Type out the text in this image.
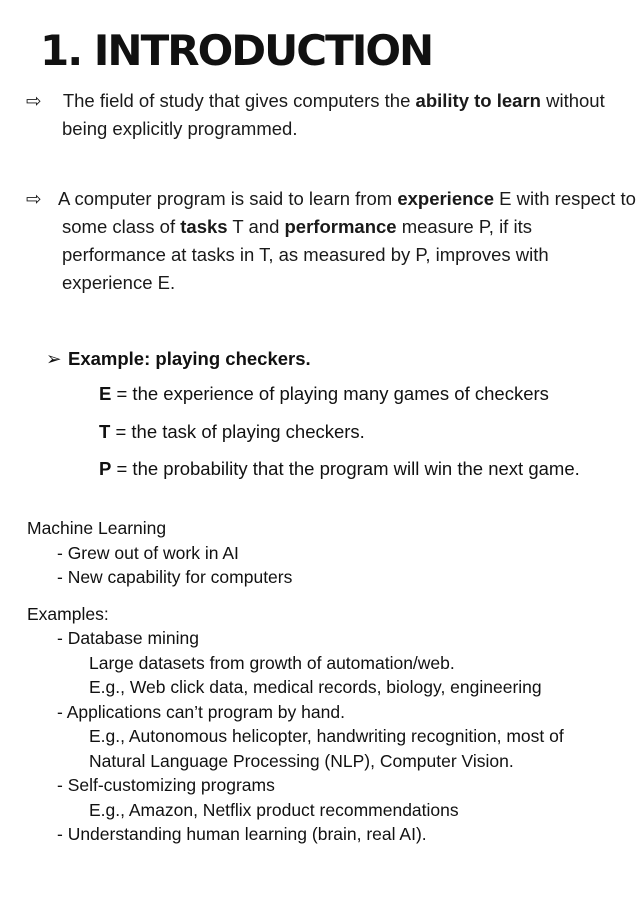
1. INTRODUCTION
⇨ The field of study that gives computers the ability to learn without being explicitly programmed.
⇨ A computer program is said to learn from experience E with respect to some class of tasks T and performance measure P, if its performance at tasks in T, as measured by P, improves with experience E.
➢ Example: playing checkers.
E = the experience of playing many games of checkers
T = the task of playing checkers.
P = the probability that the program will win the next game.
Machine Learning
- Grew out of work in AI
- New capability for computers
Examples:
- Database mining
Large datasets from growth of automation/web.
E.g., Web click data, medical records, biology, engineering
- Applications can’t program by hand.
E.g., Autonomous helicopter, handwriting recognition, most of
Natural Language Processing (NLP), Computer Vision.
- Self-customizing programs
E.g., Amazon, Netflix product recommendations
- Understanding human learning (brain, real AI).
